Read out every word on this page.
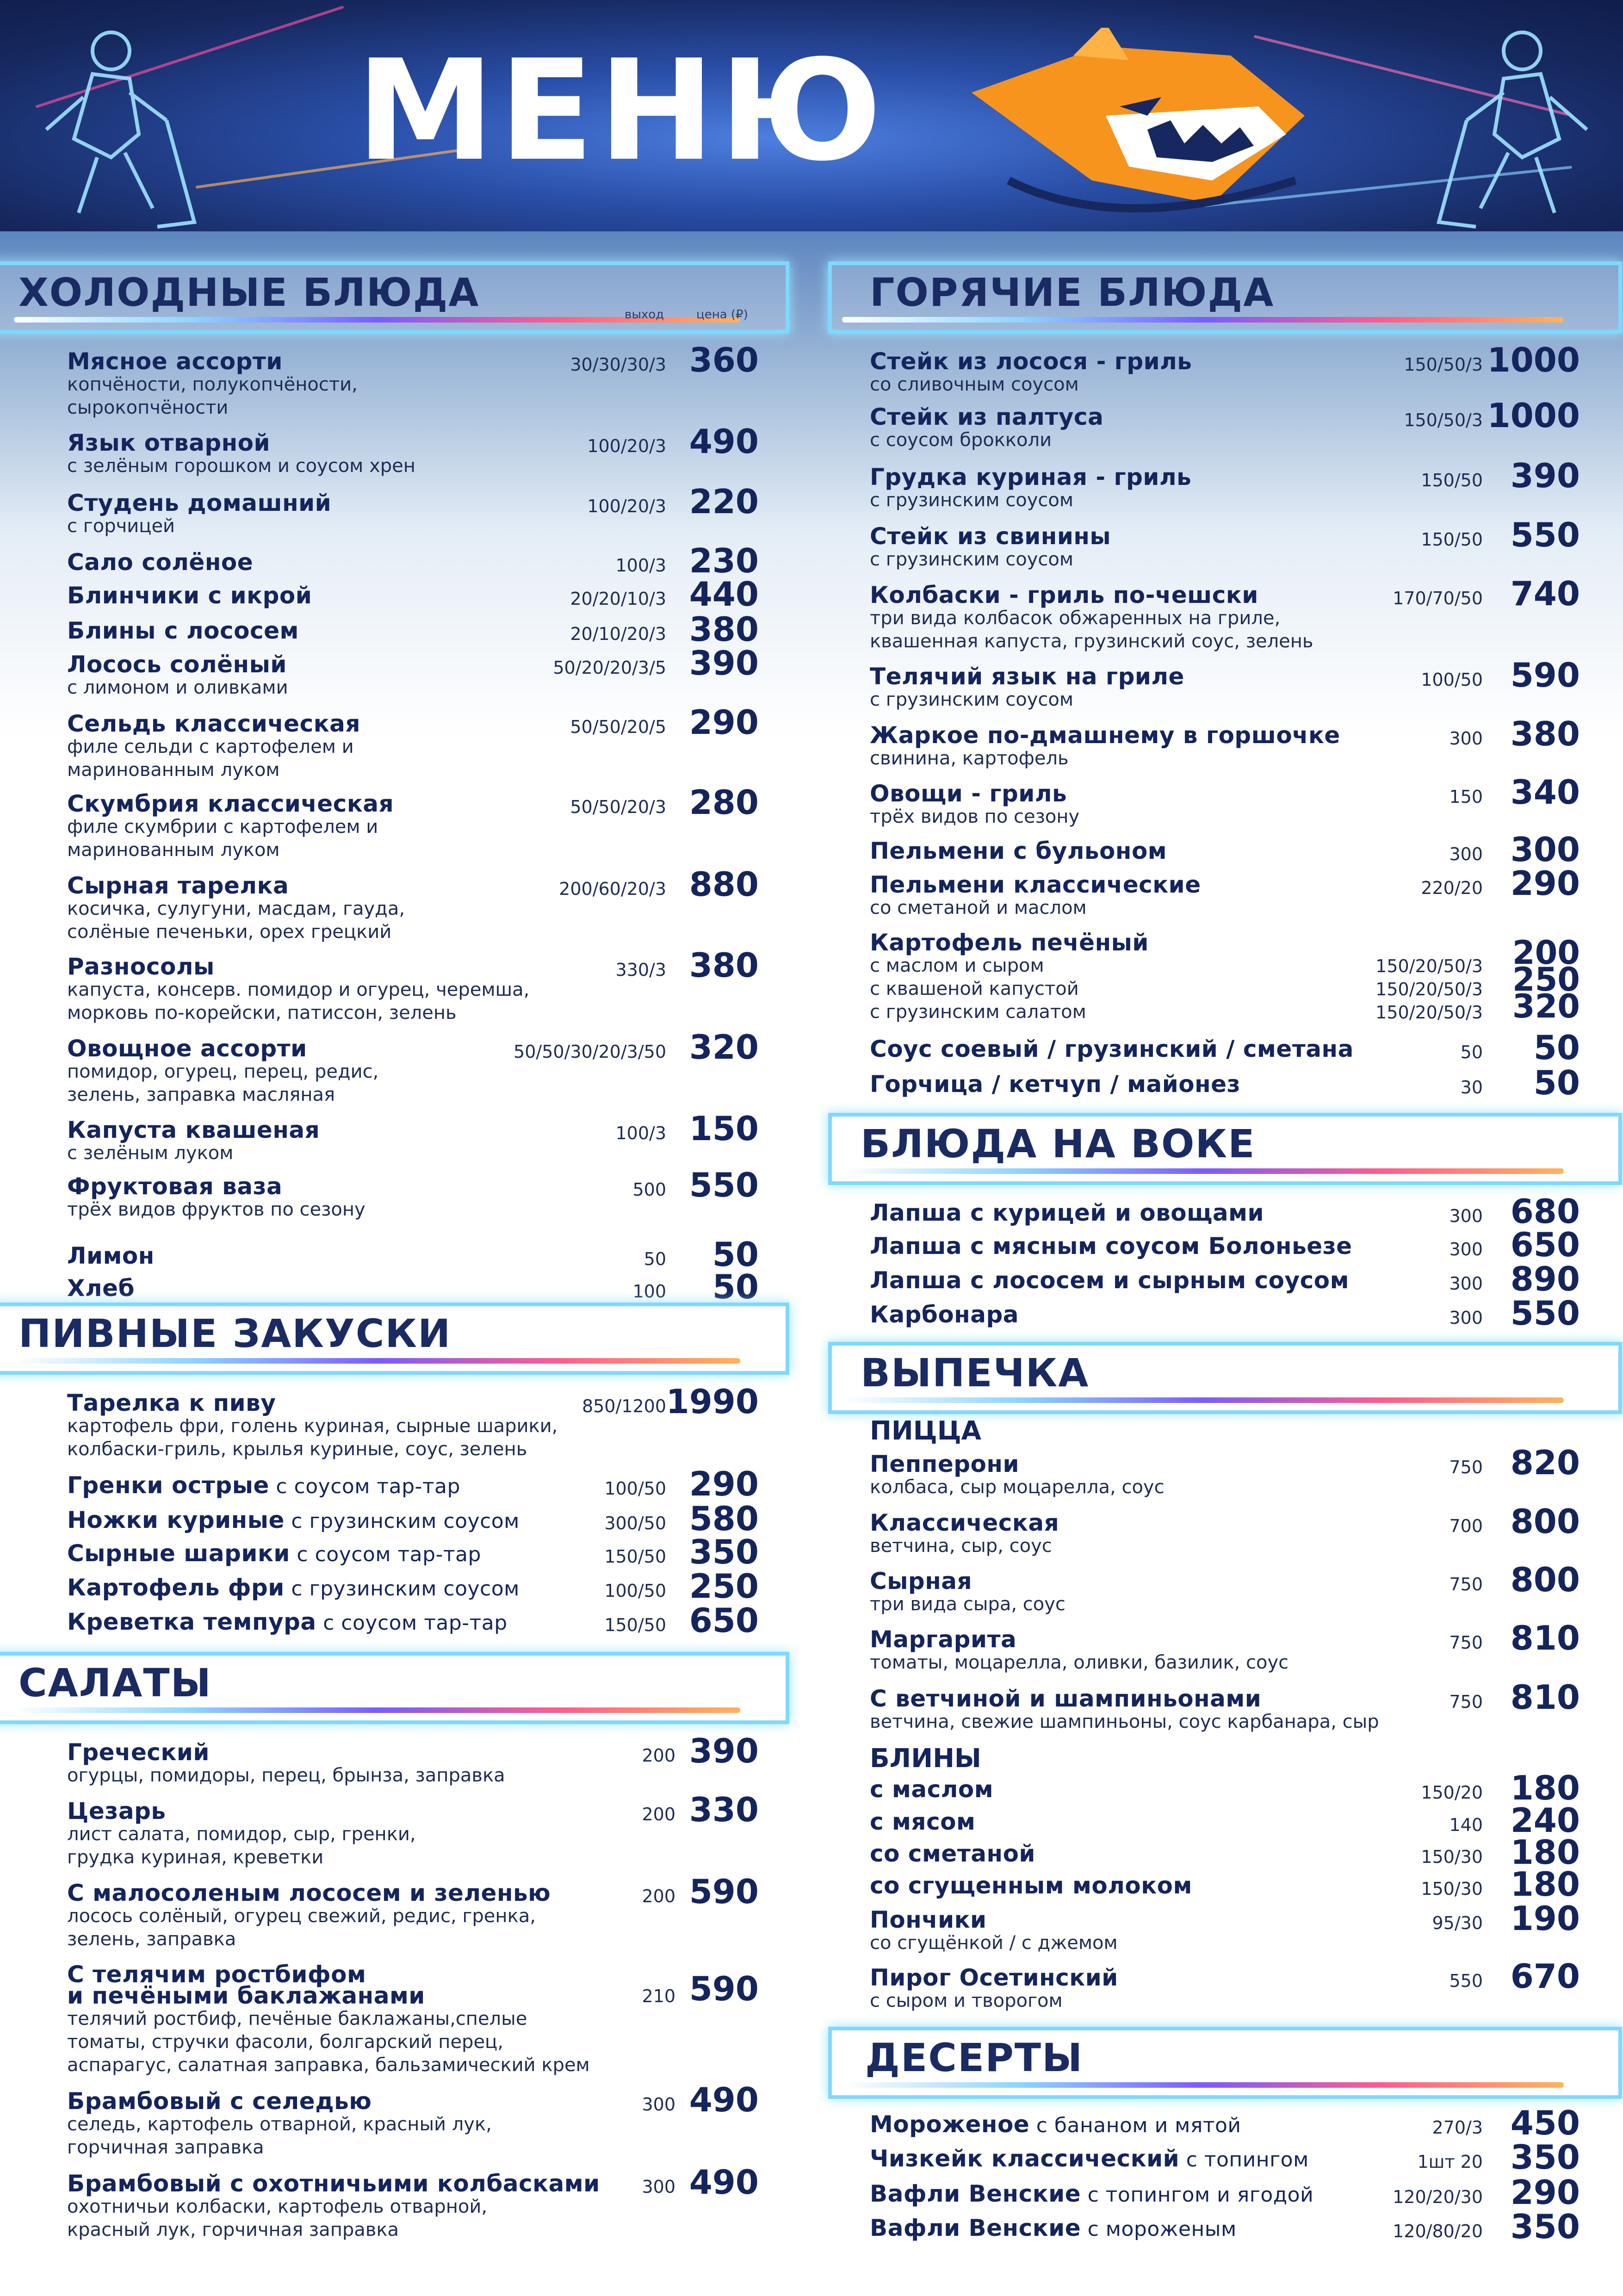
МЕНЮ
ХОЛОДНЫЕ БЛЮДА	выход	цена (₽)
Мясное ассорти
копчёности, полукопчёности,
сырокопчёности
30/30/30/3 360
Язык отварной
с зелёным горошком и соусом хрен
100/20/3 490
Студень домашний
с горчицей
100/20/3 220
Сало солёное	100/3 230
Блинчики с икрой	20/20/10/3 440
Блины с лососем	20/10/20/3 380
Лосось солёный
с лимоном и оливками
50/20/20/3/5 390
Сельдь классическая
филе сельди с картофелем и
маринованным луком
50/50/20/5 290
Скумбрия классическая
филе скумбрии с картофелем и
маринованным луком
50/50/20/3 280
Сырная тарелка
косичка, сулугуни, масдам, гауда,
солёные печеньки, орех грецкий
200/60/20/3 880
Разносолы
капуста, консерв. помидор и огурец, черемша,
морковь по-корейски, патиссон, зелень
330/3 380
Овощное ассорти
помидор, огурец, перец, редис,
зелень, заправка масляная
50/50/30/20/3/50 320
Капуста квашеная
с зелёным луком
100/3 150
Фруктовая ваза
трёх видов фруктов по сезону
500 550
Лимон	50 50
Хлеб	100 50
ПИВНЫЕ ЗАКУСКИ
Тарелка к пиву
картофель фри, голень куриная, сырные шарики,
колбаски-гриль, крылья куриные, соус, зелень
850/1200 1990
Гренки острые с соусом тар-тар	100/50 290
Ножки куриные с грузинским соусом	300/50 580
Сырные шарики с соусом тар-тар	150/50 350
Картофель фри с грузинским соусом	100/50 250
Креветка темпура с соусом тар-тар	150/50 650
САЛАТЫ
Греческий
огурцы, помидоры, перец, брынза, заправка
200 390
Цезарь
лист салата, помидор, сыр, гренки,
грудка куриная, креветки
200 330
С малосоленым лососем и зеленью
лосось солёный, огурец свежий, редис, гренка,
зелень, заправка
200 590
С телячим ростбифом
и печёными баклажанами
телячий ростбиф, печёные баклажаны,спелые
томаты, стручки фасоли, болгарский перец,
аспарагус, салатная заправка, бальзамический крем
210 590
Брамбовый с селедью
селедь, картофель отварной, красный лук,
горчичная заправка
300 490
Брамбовый с охотничьими колбасками
охотничьи колбаски, картофель отварной,
красный лук, горчичная заправка
300 490
ГОРЯЧИЕ БЛЮДА
Стейк из лосося - гриль
со сливочным соусом
150/50/3 1000
Стейк из палтуса
с соусом брокколи
150/50/3 1000
Грудка куриная - гриль
с грузинским соусом
150/50 390
Стейк из свинины
с грузинским соусом
150/50 550
Колбаски - гриль по-чешски
три вида колбасок обжаренных на гриле,
квашенная капуста, грузинский соус, зелень
170/70/50 740
Телячий язык на гриле
с грузинским соусом
100/50 590
Жаркое по-дмашнему в горшочке
свинина, картофель
300 380
Овощи - гриль
трёх видов по сезону
150 340
Пельмени с бульоном	300 300
Пельмени классические
со сметаной и маслом
220/20 290
Картофель печёный
с маслом и сыром	150/20/50/3 200
с квашеной капустой	150/20/50/3 250
с грузинским салатом	150/20/50/3 320
Соус соевый / грузинский / сметана	50 50
Горчица / кетчуп / майонез	30 50
БЛЮДА НА ВОКЕ
Лапша с курицей и овощами	300 680
Лапша с мясным соусом Болоньезе	300 650
Лапша с лососем и сырным соусом	300 890
Карбонара	300 550
ВЫПЕЧКА
ПИЦЦА
Пепперони
колбаса, сыр моцарелла, соус
750 820
Классическая
ветчина, сыр, соус
700 800
Сырная
три вида сыра, соус
750 800
Маргарита
томаты, моцарелла, оливки, базилик, соус
750 810
С ветчиной и шампиньонами
ветчина, свежие шампиньоны, соус карбанара, сыр
750 810
БЛИНЫ
с маслом	150/20 180
с мясом	140 240
со сметаной	150/30 180
со сгущенным молоком	150/30 180
Пончики
со сгущёнкой / с джемом
95/30 190
Пирог Осетинский
с сыром и творогом
550 670
ДЕСЕРТЫ
Мороженое с бананом и мятой	270/3 450
Чизкейк классический с топингом	1шт 20 350
Вафли Венские с топингом и ягодой	120/20/30 290
Вафли Венские с мороженым	120/80/20 350
